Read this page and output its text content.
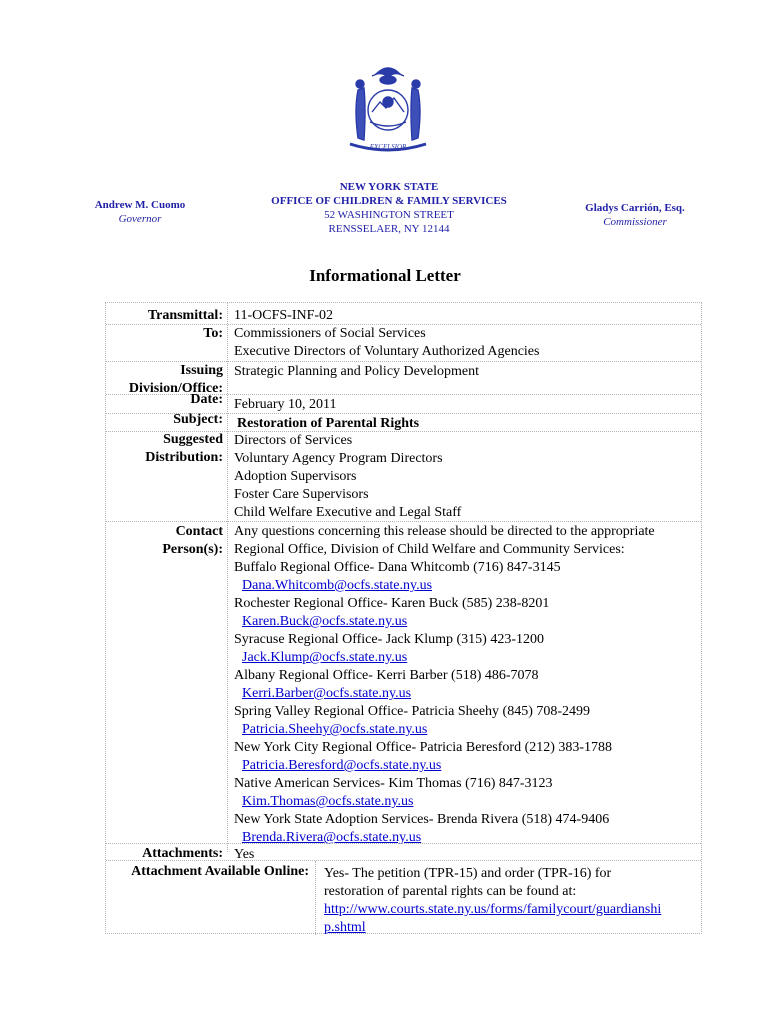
EXCELSIOR
Andrew M. Cuomo
Governor
NEW YORK STATE
OFFICE OF CHILDREN & FAMILY SERVICES
52 WASHINGTON STREET
RENSSELAER, NY 12144
Gladys Carrión, Esq.
Commissioner
Informational Letter
Transmittal: 11-OCFS-INF-02
To: Commissioners of Social Services
Executive Directors of Voluntary Authorized Agencies
Issuing
Division/Office:
Strategic Planning and Policy Development
Date: February 10, 2011
Subject: Restoration of Parental Rights
Suggested
Distribution:
Directors of Services
Voluntary Agency Program Directors
Adoption Supervisors
Foster Care Supervisors
Child Welfare Executive and Legal Staff
Contact
Person(s):
Any questions concerning this release should be directed to the appropriate
Regional Office, Division of Child Welfare and Community Services:
Buffalo Regional Office- Dana Whitcomb (716) 847-3145
Dana.Whitcomb@ocfs.state.ny.us
Rochester Regional Office- Karen Buck (585) 238-8201
Karen.Buck@ocfs.state.ny.us
Syracuse Regional Office- Jack Klump (315) 423-1200
Jack.Klump@ocfs.state.ny.us
Albany Regional Office- Kerri Barber (518) 486-7078
Kerri.Barber@ocfs.state.ny.us
Spring Valley Regional Office- Patricia Sheehy (845) 708-2499
Patricia.Sheehy@ocfs.state.ny.us
New York City Regional Office- Patricia Beresford (212) 383-1788
Patricia.Beresford@ocfs.state.ny.us
Native American Services- Kim Thomas (716) 847-3123
Kim.Thomas@ocfs.state.ny.us
New York State Adoption Services- Brenda Rivera (518) 474-9406
Brenda.Rivera@ocfs.state.ny.us
Attachments: Yes
Attachment Available Online: Yes- The petition (TPR-15) and order (TPR-16) for
restoration of parental rights can be found at:
http://www.courts.state.ny.us/forms/familycourt/guardianshi
p.shtml
